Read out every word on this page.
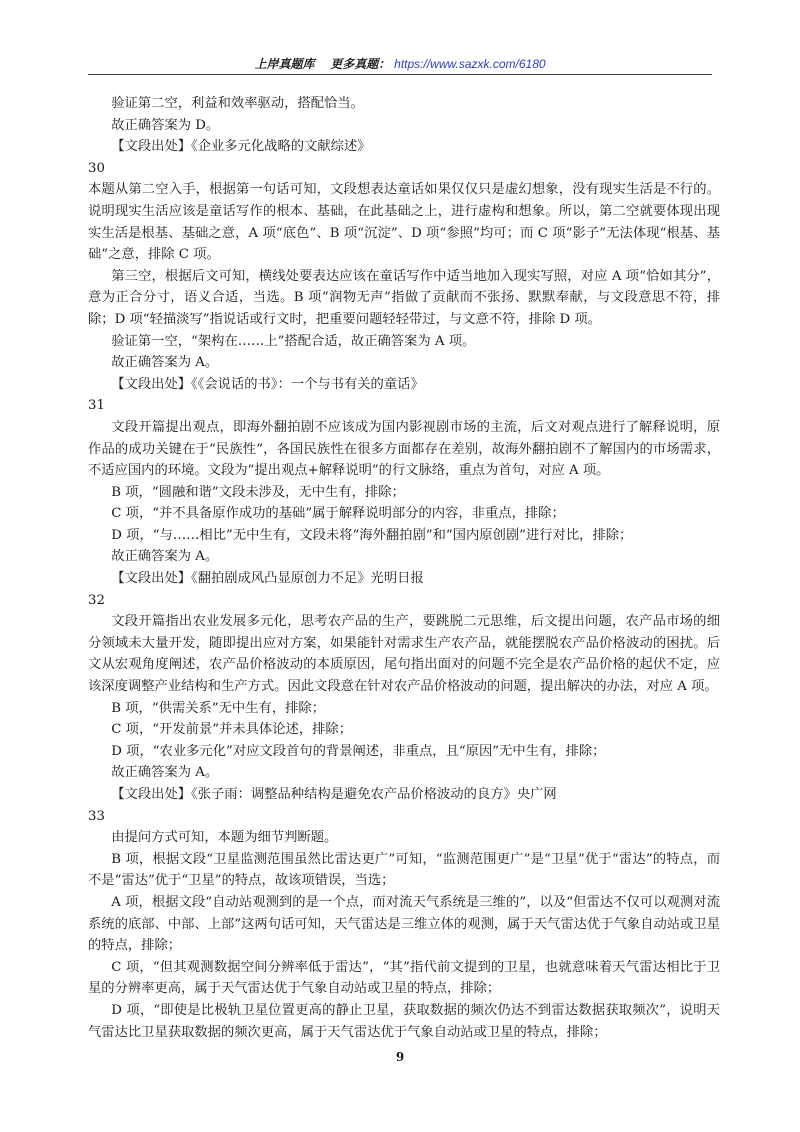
上岸真题库 更多真题： https://www.sazxk.com/6180

验证第二空，利益和效率驱动，搭配恰当。

故正确答案为 D。

【文段出处】《企业多元化战略的文献综述》

30

本题从第二空入手，根据第一句话可知，文段想表达童话如果仅仅只是虚幻想象，没有现实生活是不行的。说明现实生活应该是童话写作的根本、基础，在此基础之上，进行虚构和想象。所以，第二空就要体现出现实生活是根基、基础之意，A 项“底色”、B 项“沉淀”、D 项“参照”均可；而 C 项“影子”无法体现“根基、基础”之意，排除 C 项。

第三空，根据后文可知，横线处要表达应该在童话写作中适当地加入现实写照，对应 A 项“恰如其分”，意为正合分寸，语义合适，当选。B 项“润物无声”指做了贡献而不张扬、默默奉献，与文段意思不符，排除；D 项“轻描淡写”指说话或行文时，把重要问题轻轻带过，与文意不符，排除 D 项。

验证第一空，“架构在……上”搭配合适，故正确答案为 A 项。

故正确答案为 A。

【文段出处】《《会说话的书》：一个与书有关的童话》

31

文段开篇提出观点，即海外翻拍剧不应该成为国内影视剧市场的主流，后文对观点进行了解释说明，原作品的成功关键在于“民族性”，各国民族性在很多方面都存在差别，故海外翻拍剧不了解国内的市场需求，不适应国内的环境。文段为“提出观点+解释说明”的行文脉络，重点为首句，对应 A 项。

B 项，“圆融和谐”文段未涉及，无中生有，排除；

C 项，“并不具备原作成功的基础”属于解释说明部分的内容，非重点，排除；

D 项，“与……相比”无中生有，文段未将“海外翻拍剧”和“国内原创剧”进行对比，排除；

故正确答案为 A。

【文段出处】《翻拍剧成风凸显原创力不足》光明日报

32

文段开篇指出农业发展多元化，思考农产品的生产，要跳脱二元思维，后文提出问题，农产品市场的细分领域未大量开发，随即提出应对方案，如果能针对需求生产农产品，就能摆脱农产品价格波动的困扰。后文从宏观角度阐述，农产品价格波动的本质原因，尾句指出面对的问题不完全是农产品价格的起伏不定，应该深度调整产业结构和生产方式。因此文段意在针对农产品价格波动的问题，提出解决的办法，对应 A 项。

B 项，“供需关系”无中生有，排除；

C 项，“开发前景”并未具体论述，排除；

D 项，“农业多元化”对应文段首句的背景阐述，非重点，且“原因”无中生有，排除；

故正确答案为 A。

【文段出处】《张子雨：调整品种结构是避免农产品价格波动的良方》央广网

33

由提问方式可知，本题为细节判断题。

B 项，根据文段“卫星监测范围虽然比雷达更广”可知，“监测范围更广”是“卫星”优于“雷达”的特点，而不是“雷达”优于“卫星”的特点，故该项错误，当选；

A 项，根据文段“自动站观测到的是一个点，而对流天气系统是三维的”，以及“但雷达不仅可以观测对流系统的底部、中部、上部”这两句话可知，天气雷达是三维立体的观测，属于天气雷达优于气象自动站或卫星的特点，排除；

C 项，“但其观测数据空间分辨率低于雷达”，“其”指代前文提到的卫星，也就意味着天气雷达相比于卫星的分辨率更高，属于天气雷达优于气象自动站或卫星的特点，排除；

D 项，“即使是比极轨卫星位置更高的静止卫星，获取数据的频次仍达不到雷达数据获取频次”，说明天气雷达比卫星获取数据的频次更高，属于天气雷达优于气象自动站或卫星的特点，排除；

9
